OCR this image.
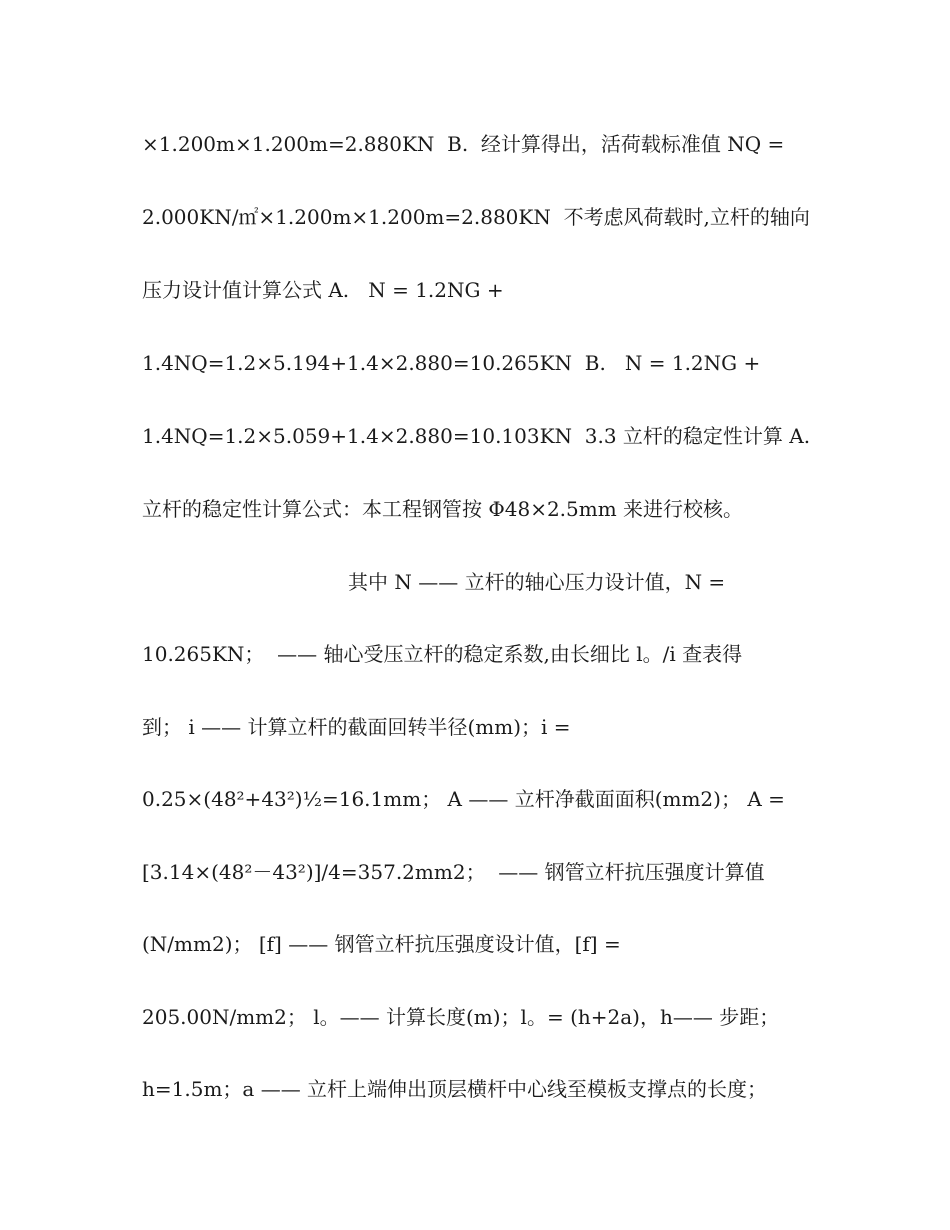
×1.200m×1.200m=2.880KN  B.  经计算得出，活荷载标准值 NQ =
2.000KN/㎡×1.200m×1.200m=2.880KN  不考虑风荷载时,立杆的轴向
压力设计值计算公式 A.   N = 1.2NG +
1.4NQ=1.2×5.194+1.4×2.880=10.265KN  B.   N = 1.2NG +
1.4NQ=1.2×5.059+1.4×2.880=10.103KN  3.3 立杆的稳定性计算 A.
立杆的稳定性计算公式：本工程钢管按 Φ48×2.5mm 来进行校核。
其中 N —— 立杆的轴心压力设计值，N =
10.265KN；  —— 轴心受压立杆的稳定系数,由长细比 l。/i 查表得
到； i —— 计算立杆的截面回转半径(mm)；i =
0.25×(48²+43²)½=16.1mm； A —— 立杆净截面面积(mm2)； A =
[3.14×(48²－43²)]/4=357.2mm2；  —— 钢管立杆抗压强度计算值
(N/mm2)； [f] —— 钢管立杆抗压强度设计值，[f] =
205.00N/mm2； l。—— 计算长度(m)；l。= (h+2a)，h—— 步距；
h=1.5m；a —— 立杆上端伸出顶层横杆中心线至模板支撑点的长度；
